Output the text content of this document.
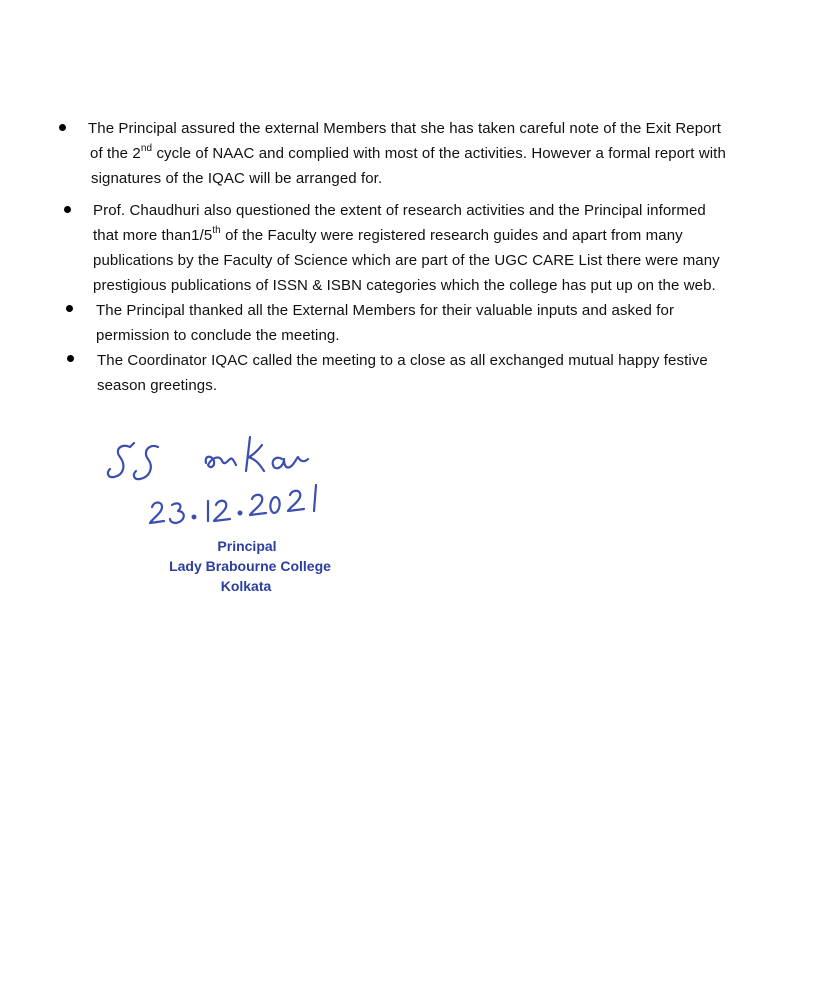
The Principal assured the external Members that she has taken careful note of the Exit Report
of the 2nd cycle of NAAC and complied with most of the activities. However a formal report with
signatures of the IQAC will be arranged for.
Prof. Chaudhuri also questioned the extent of research activities and the Principal informed
that more than1/5th of the Faculty were registered research guides and apart from many
publications by the Faculty of Science which are part of the UGC CARE List there were many
prestigious publications of ISSN & ISBN categories which the college has put up on the web.
The Principal thanked all the External Members for their valuable inputs and asked for
permission to conclude the meeting.
The Coordinator IQAC called the meeting to a close as all exchanged mutual happy festive
season greetings.
Principal
Lady Brabourne College
Kolkata
